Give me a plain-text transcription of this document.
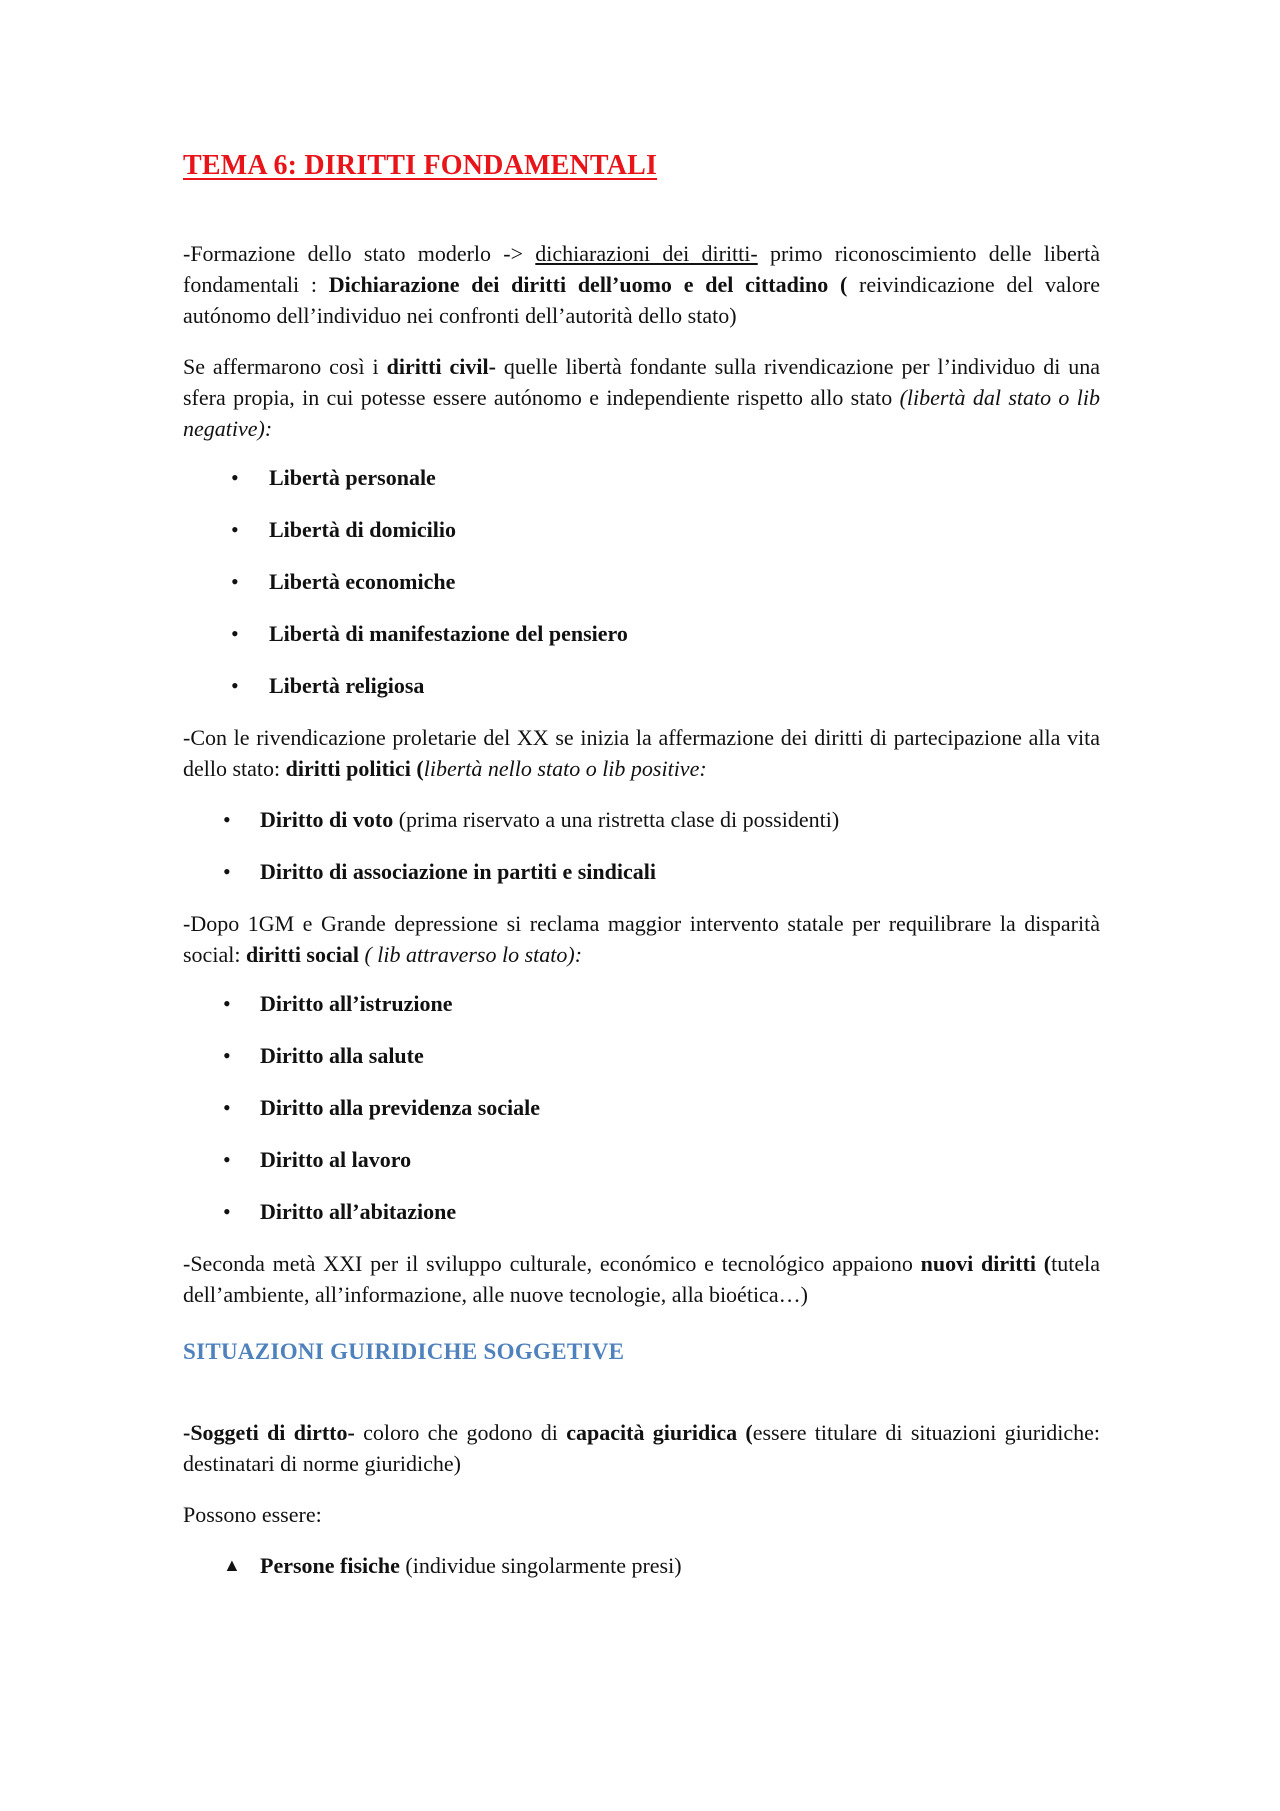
TEMA 6: DIRITTI FONDAMENTALI

-Formazione dello stato moderlo -> dichiarazioni dei diritti- primo riconoscimiento delle libertà fondamentali : Dichiarazione dei diritti dell’uomo e del cittadino ( reivindicazione del valore autónomo dell’individuo nei confronti dell’autorità dello stato)

Se affermarono così i diritti civil- quelle libertà fondante sulla rivendicazione per l’individuo di una sfera propia, in cui potesse essere autónomo e independiente rispetto allo stato (libertà dal stato o lib negative):

• Libertà personale
• Libertà di domicilio
• Libertà economiche
• Libertà di manifestazione del pensiero
• Libertà religiosa

-Con le rivendicazione proletarie del XX se inizia la affermazione dei diritti di partecipazione alla vita dello stato: diritti politici (libertà nello stato o lib positive:

• Diritto di voto (prima riservato a una ristretta clase di possidenti)
• Diritto di associazione in partiti e sindicali

-Dopo 1GM e Grande depressione si reclama maggior intervento statale per requilibrare la disparità social: diritti social ( lib attraverso lo stato):

• Diritto all’istruzione
• Diritto alla salute
• Diritto alla previdenza sociale
• Diritto al lavoro
• Diritto all’abitazione

-Seconda metà XXI per il sviluppo culturale, económico e tecnológico appaiono nuovi diritti (tutela dell’ambiente, all’informazione, alle nuove tecnologie, alla bioética…)

SITUAZIONI GUIRIDICHE SOGGETIVE

-Soggeti di dirtto- coloro che godono di capacità giuridica (essere titulare di situazioni giuridiche: destinatari di norme giuridiche)

Possono essere:

▲ Persone fisiche (individue singolarmente presi)
